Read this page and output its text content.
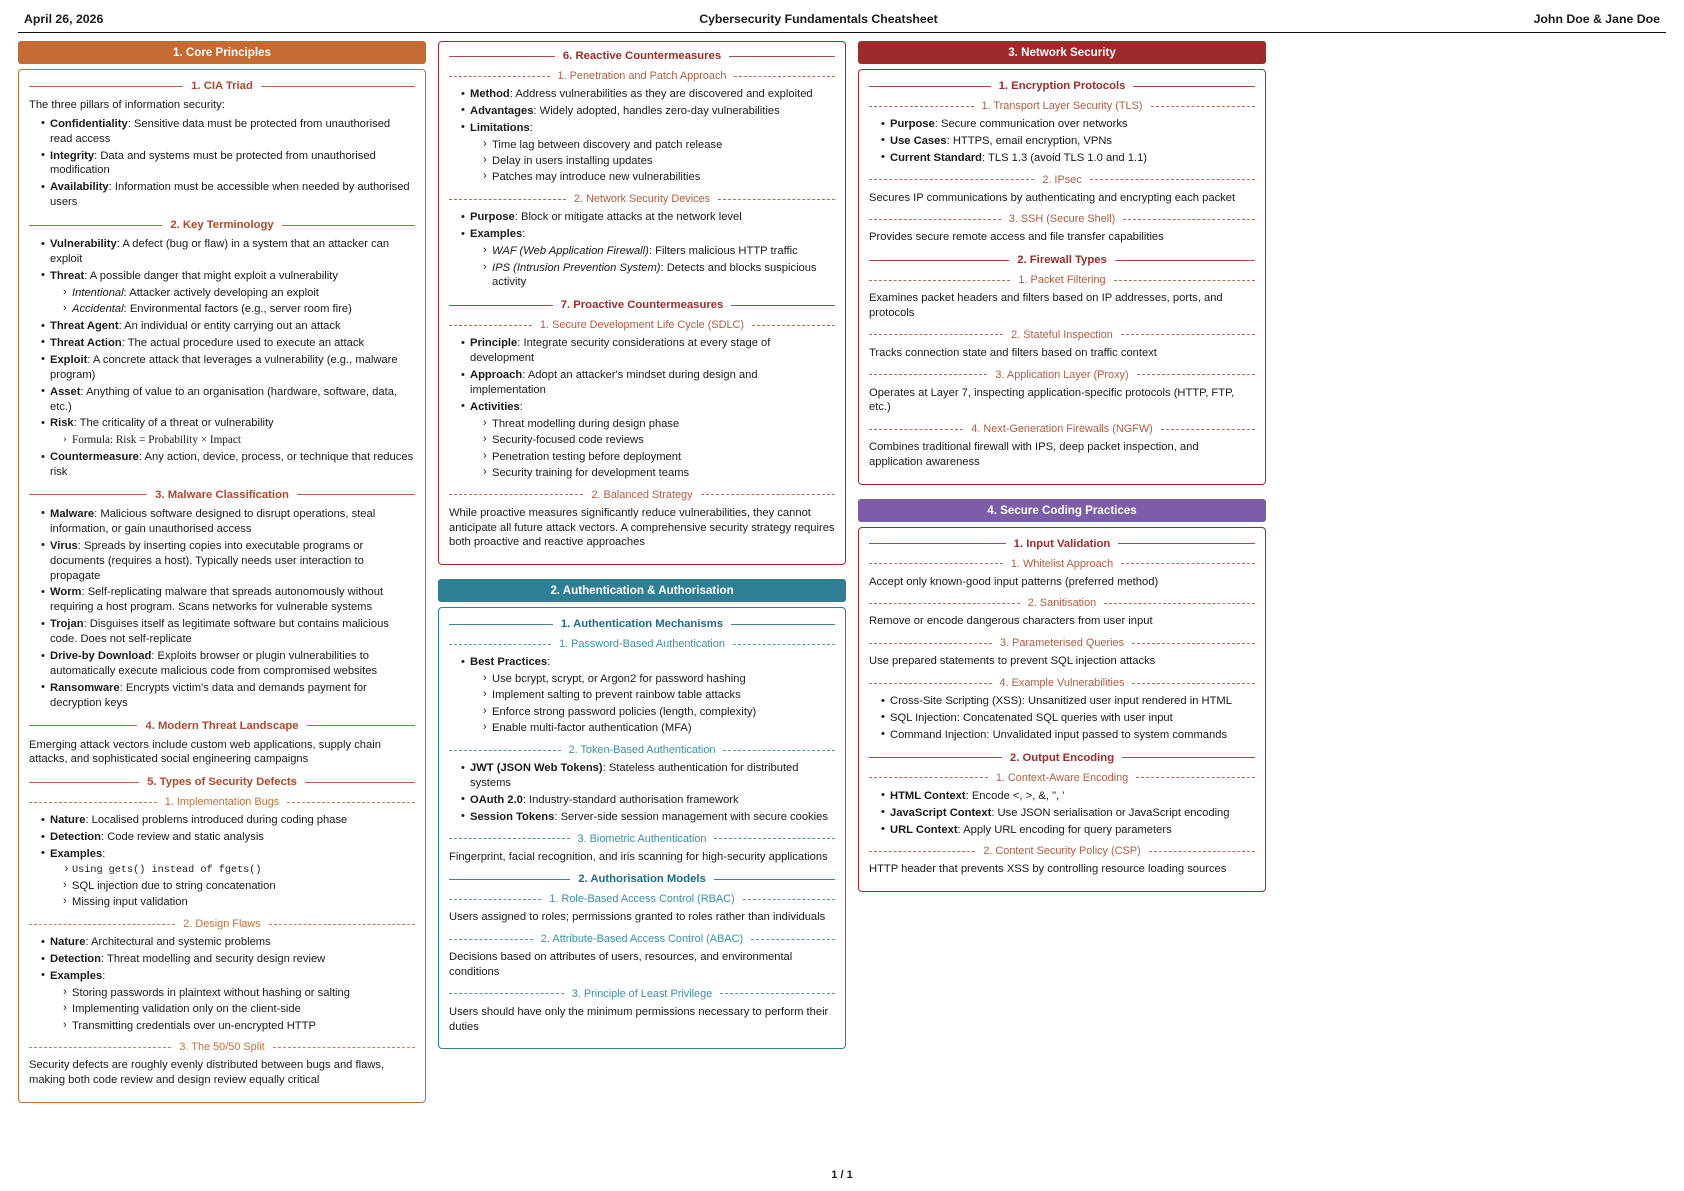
April 26, 2026	Cybersecurity Fundamentals Cheatsheet	John Doe & Jane Doe
1. Core Principles
1. CIA Triad

The three pillars of information security:

• Confidentiality: Sensitive data must be protected from unauthorised read access
• Integrity: Data and systems must be protected from unauthorised modification
• Availability: Information must be accessible when needed by authorised users
2. Key Terminology
• Vulnerability: A defect (bug or flaw) in a system that an attacker can exploit
• Threat: A possible danger that might exploit a vulnerability
› Intentional: Attacker actively developing an exploit
› Accidental: Environmental factors (e.g., server room fire)
• Threat Agent: An individual or entity carrying out an attack
• Threat Action: The actual procedure used to execute an attack
• Exploit: A concrete attack that leverages a vulnerability (e.g., malware program)
• Asset: Anything of value to an organisation (hardware, software, data, etc.)
• Risk: The criticality of a threat or vulnerability
› Formula: Risk = Probability × Impact
• Countermeasure: Any action, device, process, or technique that reduces risk
3. Malware Classification
• Malware: Malicious software designed to disrupt operations, steal information, or gain unauthorised access
• Virus: Spreads by inserting copies into executable programs or documents (requires a host). Typically needs user interaction to propagate
• Worm: Self-replicating malware that spreads autonomously without requiring a host program. Scans networks for vulnerable systems
• Trojan: Disguises itself as legitimate software but contains malicious code. Does not self-replicate
• Drive-by Download: Exploits browser or plugin vulnerabilities to automatically execute malicious code from compromised websites
• Ransomware: Encrypts victim's data and demands payment for decryption keys
4. Modern Threat Landscape

Emerging attack vectors include custom web applications, supply chain attacks, and sophisticated social engineering campaigns

5. Types of Security Defects
1. Implementation Bugs
• Nature: Localised problems introduced during coding phase
• Detection: Code review and static analysis
• Examples:
› Using gets() instead of fgets()
› SQL injection due to string concatenation
› Missing input validation
2. Design Flaws
• Nature: Architectural and systemic problems
• Detection: Threat modelling and security design review
• Examples:
› Storing passwords in plaintext without hashing or salting
› Implementing validation only on the client-side
› Transmitting credentials over un-encrypted HTTP
3. The 50/50 Split

Security defects are roughly evenly distributed between bugs and flaws, making both code review and design review equally critical

6. Reactive Countermeasures
1. Penetration and Patch Approach
• Method: Address vulnerabilities as they are discovered and exploited
• Advantages: Widely adopted, handles zero-day vulnerabilities
• Limitations:
› Time lag between discovery and patch release
› Delay in users installing updates
› Patches may introduce new vulnerabilities
2. Network Security Devices
• Purpose: Block or mitigate attacks at the network level
• Examples:
› WAF (Web Application Firewall): Filters malicious HTTP traffic
› IPS (Intrusion Prevention System): Detects and blocks suspicious activity
7. Proactive Countermeasures
1. Secure Development Life Cycle (SDLC)
• Principle: Integrate security considerations at every stage of development
• Approach: Adopt an attacker's mindset during design and implementation
• Activities:
› Threat modelling during design phase
› Security-focused code reviews
› Penetration testing before deployment
› Security training for development teams
2. Balanced Strategy

While proactive measures significantly reduce vulnerabilities, they cannot anticipate all future attack vectors. A comprehensive security strategy requires both proactive and reactive approaches

2. Authentication & Authorisation
1. Authentication Mechanisms
1. Password-Based Authentication
• Best Practices:
› Use bcrypt, scrypt, or Argon2 for password hashing
› Implement salting to prevent rainbow table attacks
› Enforce strong password policies (length, complexity)
› Enable multi-factor authentication (MFA)
2. Token-Based Authentication
• JWT (JSON Web Tokens): Stateless authentication for distributed systems
• OAuth 2.0: Industry-standard authorisation framework
• Session Tokens: Server-side session management with secure cookies
3. Biometric Authentication

Fingerprint, facial recognition, and iris scanning for high-security applications

2. Authorisation Models
1. Role-Based Access Control (RBAC)

Users assigned to roles; permissions granted to roles rather than individuals

2. Attribute-Based Access Control (ABAC)

Decisions based on attributes of users, resources, and environmental conditions

3. Principle of Least Privilege

Users should have only the minimum permissions necessary to perform their duties

3. Network Security
1. Encryption Protocols
1. Transport Layer Security (TLS)
• Purpose: Secure communication over networks
• Use Cases: HTTPS, email encryption, VPNs
• Current Standard: TLS 1.3 (avoid TLS 1.0 and 1.1)
2. IPsec

Secures IP communications by authenticating and encrypting each packet

3. SSH (Secure Shell)

Provides secure remote access and file transfer capabilities

2. Firewall Types
1. Packet Filtering

Examines packet headers and filters based on IP addresses, ports, and protocols

2. Stateful Inspection

Tracks connection state and filters based on traffic context

3. Application Layer (Proxy)

Operates at Layer 7, inspecting application-specific protocols (HTTP, FTP, etc.)

4. Next-Generation Firewalls (NGFW)

Combines traditional firewall with IPS, deep packet inspection, and application awareness

4. Secure Coding Practices
1. Input Validation
1. Whitelist Approach

Accept only known-good input patterns (preferred method)

2. Sanitisation

Remove or encode dangerous characters from user input

3. Parameterised Queries

Use prepared statements to prevent SQL injection attacks

4. Example Vulnerabilities
• Cross-Site Scripting (XSS): Unsanitized user input rendered in HTML
• SQL Injection: Concatenated SQL queries with user input
• Command Injection: Unvalidated input passed to system commands
2. Output Encoding
1. Context-Aware Encoding
• HTML Context: Encode <, >, &, ", '
• JavaScript Context: Use JSON serialisation or JavaScript encoding
• URL Context: Apply URL encoding for query parameters
2. Content Security Policy (CSP)

HTTP header that prevents XSS by controlling resource loading sources

1 / 1
